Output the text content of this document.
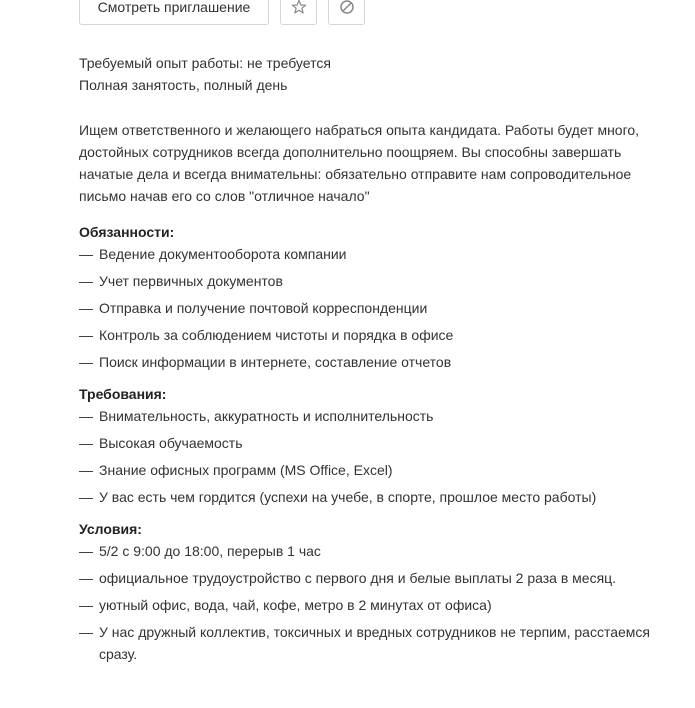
Смотреть приглашение
Требуемый опыт работы: не требуется
Полная занятость, полный день
Ищем ответственного и желающего набраться опыта кандидата. Работы будет много,
достойных сотрудников всегда дополнительно поощряем. Вы способны завершать
начатые дела и всегда внимательны: обязательно отправите нам сопроводительное
письмо начав его со слов "отличное начало"
Обязанности:
— Ведение документооборота компании
— Учет первичных документов
— Отправка и получение почтовой корреспонденции
— Контроль за соблюдением чистоты и порядка в офисе
— Поиск информации в интернете, составление отчетов
Требования:
— Внимательность, аккуратность и исполнительность
— Высокая обучаемость
— Знание офисных программ (MS Office, Excel)
— У вас есть чем гордится (успехи на учебе, в спорте, прошлое место работы)
Условия:
— 5/2 с 9:00 до 18:00, перерыв 1 час
— официальное трудоустройство с первого дня и белые выплаты 2 раза в месяц.
— уютный офис, вода, чай, кофе, метро в 2 минутах от офиса)
— У нас дружный коллектив, токсичных и вредных сотрудников не терпим, расстаемся сразу.
